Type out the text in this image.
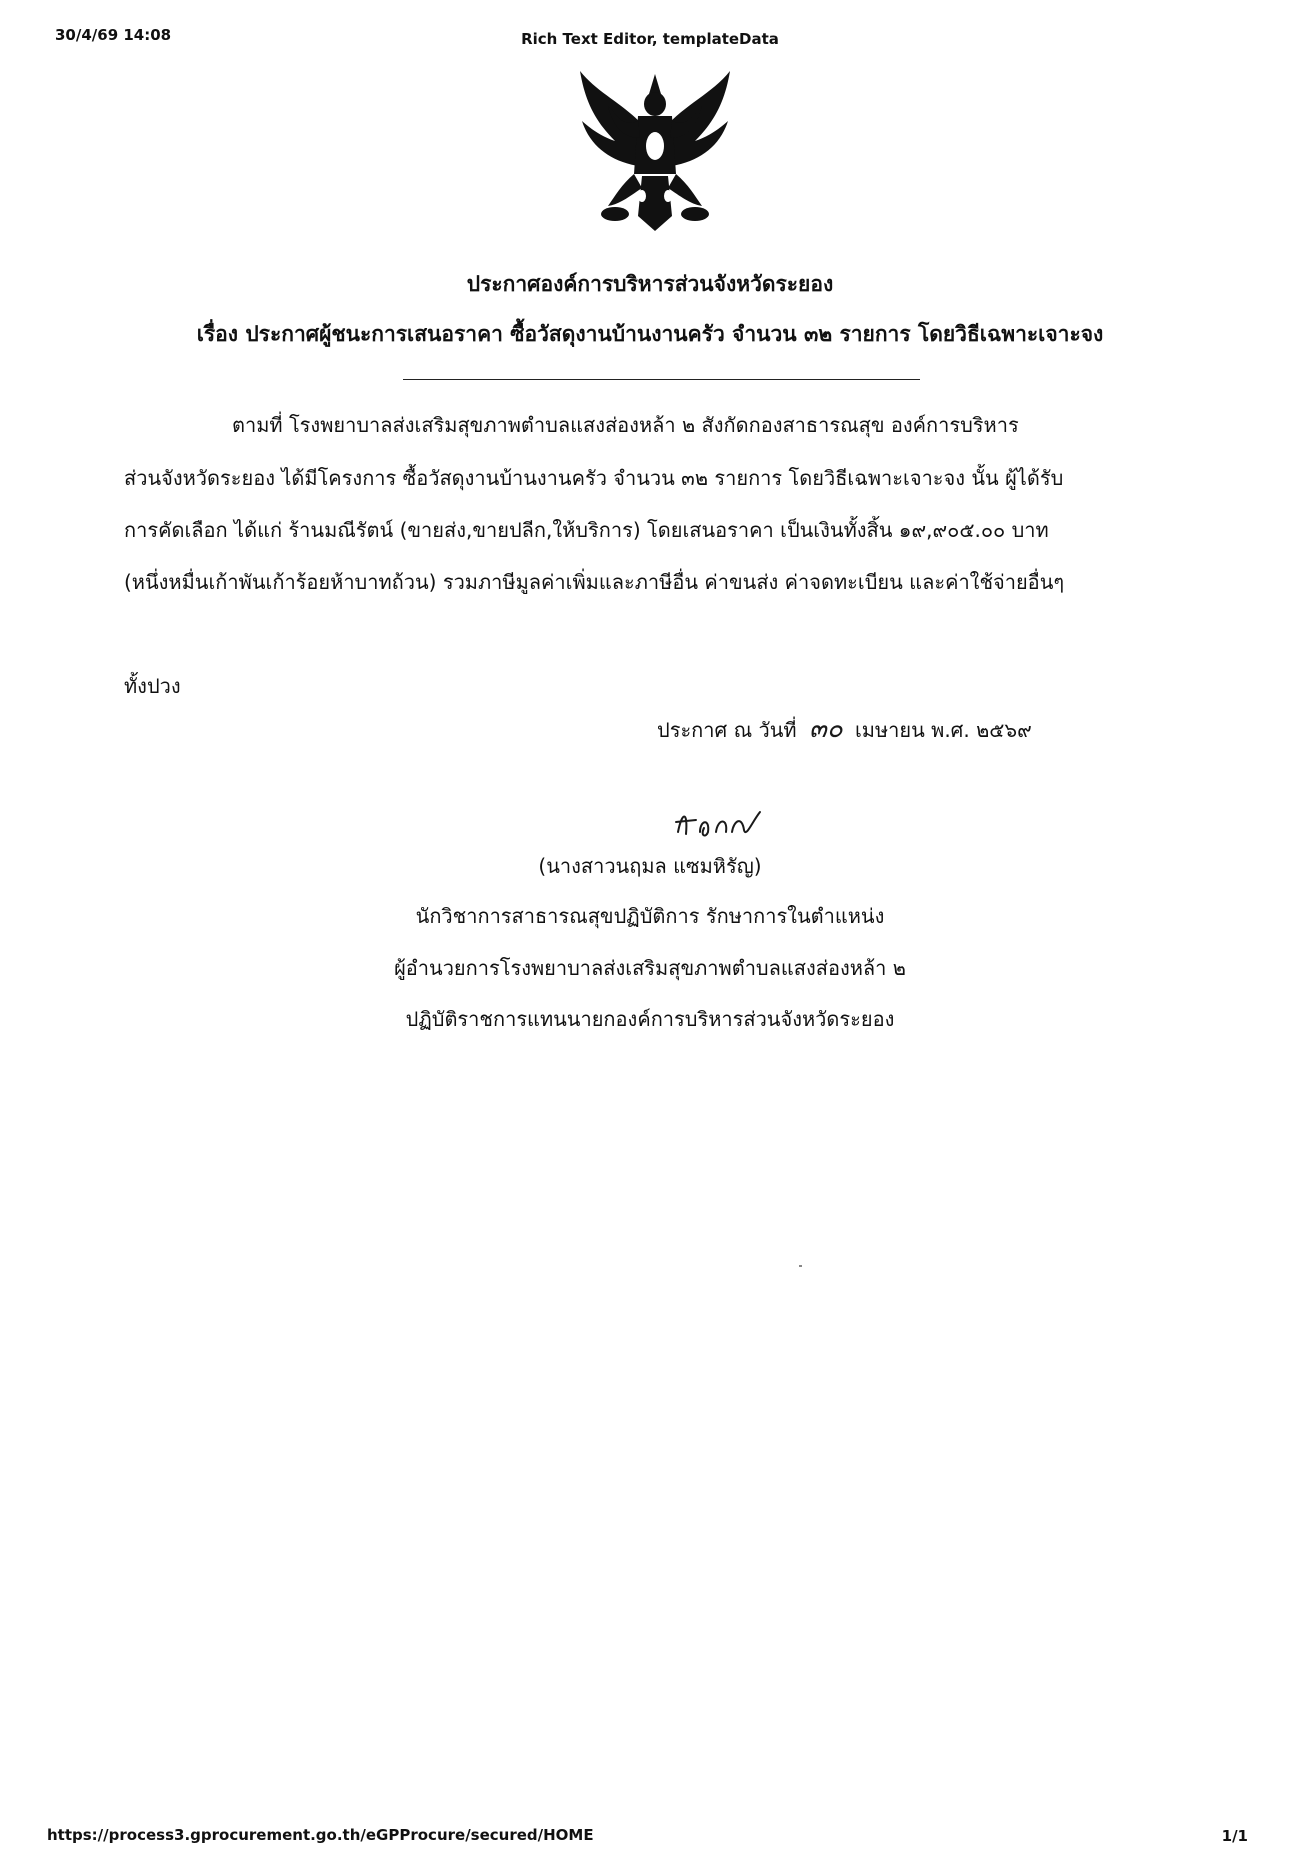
30/4/69 14:08	Rich Text Editor, templateData
ประกาศองค์การบริหารส่วนจังหวัดระยอง
เรื่อง ประกาศผู้ชนะการเสนอราคา ซื้อวัสดุงานบ้านงานครัว จำนวน ๓๒ รายการ โดยวิธีเฉพาะเจาะจง
ตามที่ โรงพยาบาลส่งเสริมสุขภาพตำบลแสงส่องหล้า ๒ สังกัดกองสาธารณสุข องค์การบริหาร
ส่วนจังหวัดระยอง ได้มีโครงการ ซื้อวัสดุงานบ้านงานครัว จำนวน ๓๒ รายการ โดยวิธีเฉพาะเจาะจง นั้น ผู้ได้รับ
การคัดเลือก ได้แก่ ร้านมณีรัตน์ (ขายส่ง,ขายปลีก,ให้บริการ) โดยเสนอราคา เป็นเงินทั้งสิ้น ๑๙,๙๐๕.๐๐ บาท
(หนึ่งหมื่นเก้าพันเก้าร้อยห้าบาทถ้วน) รวมภาษีมูลค่าเพิ่มและภาษีอื่น ค่าขนส่ง ค่าจดทะเบียน และค่าใช้จ่ายอื่นๆ
ทั้งปวง
ประกาศ ณ วันที่ ๓๐ เมษายน พ.ศ. ๒๕๖๙
(นางสาวนฤมล แซมหิรัญ)
นักวิชาการสาธารณสุขปฏิบัติการ รักษาการในตำแหน่ง
ผู้อำนวยการโรงพยาบาลส่งเสริมสุขภาพตำบลแสงส่องหล้า ๒
ปฏิบัติราชการแทนนายกองค์การบริหารส่วนจังหวัดระยอง
https://process3.gprocurement.go.th/eGPProcure/secured/HOME	1/1
